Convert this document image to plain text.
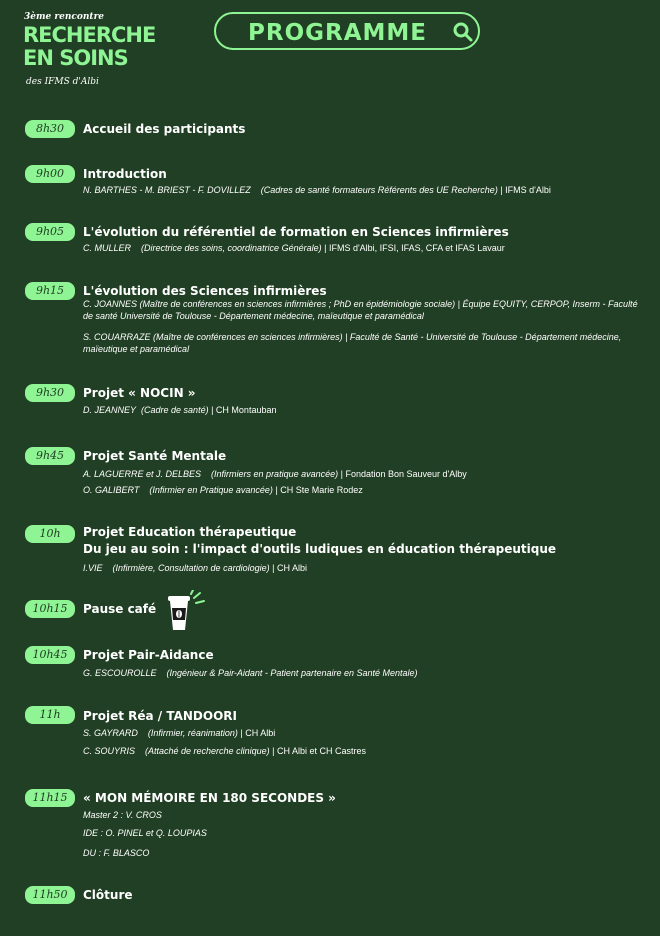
3ème rencontre
RECHERCHE
EN SOINS
des IFMS d'Albi
PROGRAMME
8h30	Accueil des participants
9h00	Introduction
N. BARTHES - M. BRIEST - F. DOVILLEZ (Cadres de santé formateurs Référents des UE Recherche) | IFMS d'Albi
9h05	L'évolution du référentiel de formation en Sciences infirmières
C. MULLER (Directrice des soins, coordinatrice Générale) | IFMS d'Albi, IFSI, IFAS, CFA et IFAS Lavaur
9h15	L'évolution des Sciences infirmières
C. JOANNES (Maître de conférences en sciences infirmières ; PhD en épidémiologie sociale) | Équipe EQUITY, CERPOP, Inserm - Faculté de santé Université de Toulouse - Département médecine, maïeutique et paramédical
S. COUARRAZE (Maître de conférences en sciences infirmières) | Faculté de Santé - Université de Toulouse - Département médecine, maïeutique et paramédical
9h30	Projet « NOCIN »
D. JEANNEY (Cadre de santé) | CH Montauban
9h45	Projet Santé Mentale
A. LAGUERRE et J. DELBES (Infirmiers en pratique avancée) | Fondation Bon Sauveur d'Alby
O. GALIBERT (Infirmier en Pratique avancée) | CH Ste Marie Rodez
10h	Projet Education thérapeutique
Du jeu au soin : l'impact d'outils ludiques en éducation thérapeutique
I.VIE (Infirmière, Consultation de cardiologie) | CH Albi
10h15	Pause café
10h45	Projet Pair-Aidance
G. ESCOUROLLE (Ingénieur & Pair-Aidant - Patient partenaire en Santé Mentale)
11h	Projet Réa / TANDOORI
S. GAYRARD (Infirmier, réanimation) | CH Albi
C. SOUYRIS (Attaché de recherche clinique) | CH Albi et CH Castres
11h15	« MON MÉMOIRE EN 180 SECONDES »
Master 2 : V. CROS
IDE : O. PINEL et Q. LOUPIAS
DU : F. BLASCO
11h50	Clôture
